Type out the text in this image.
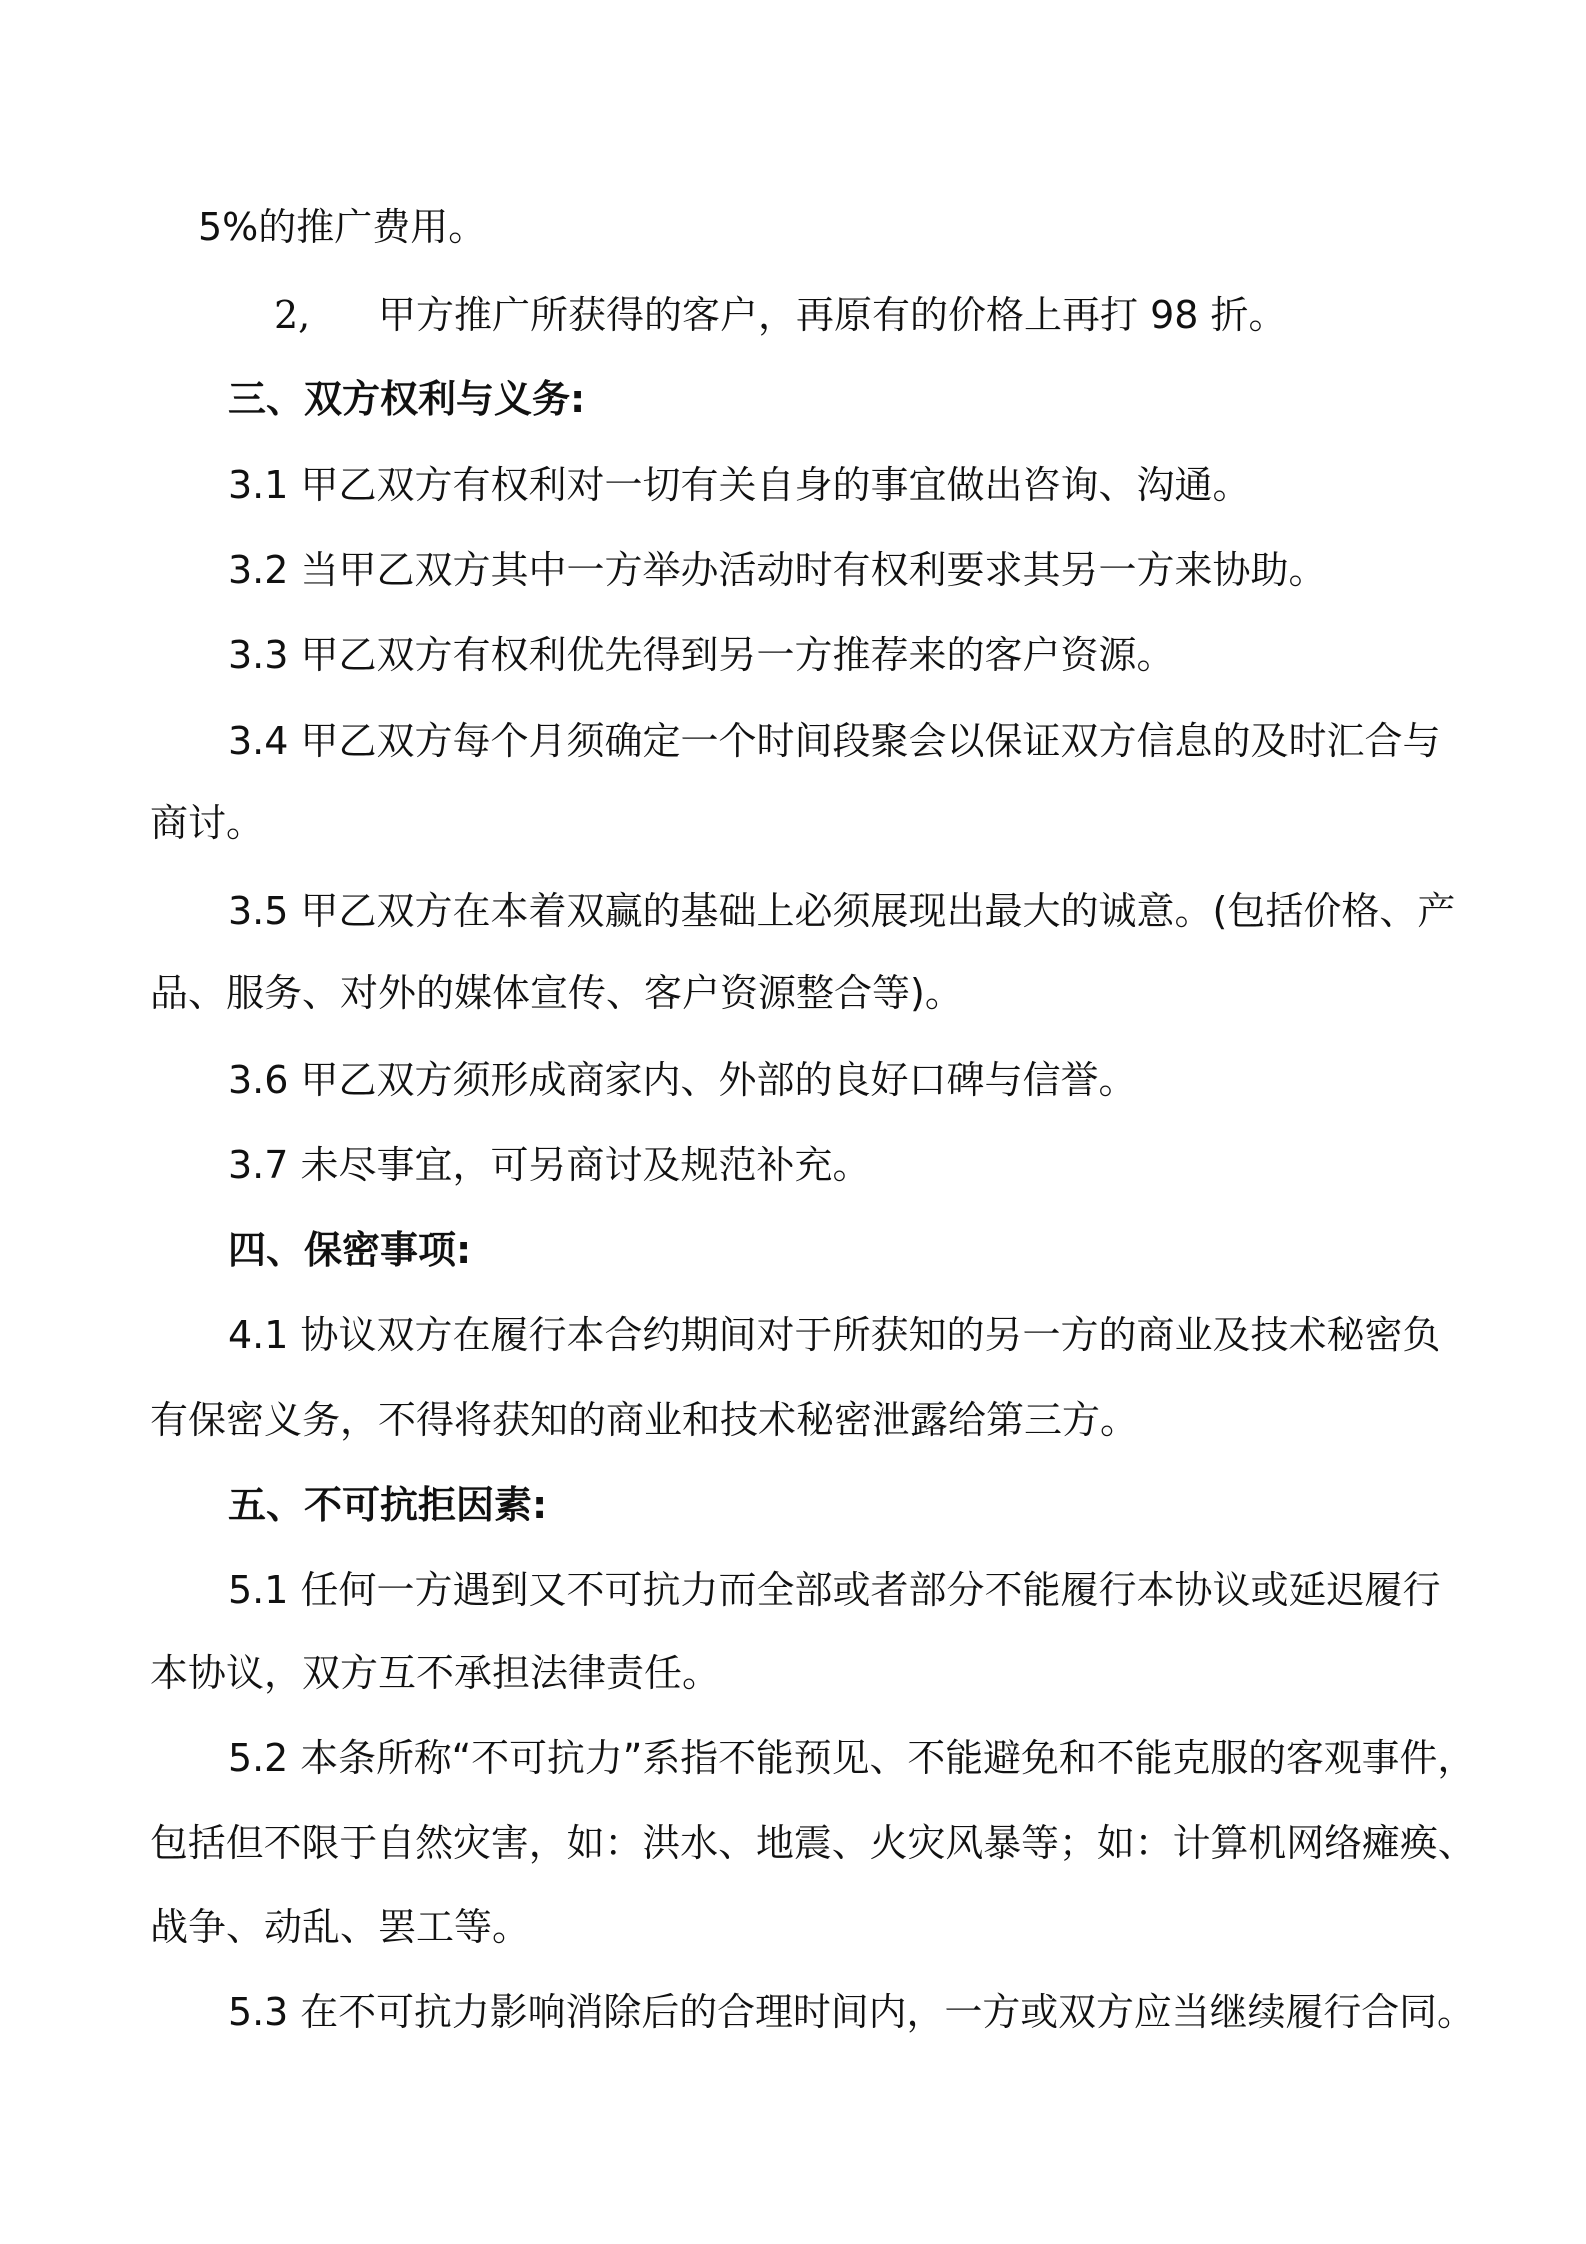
5%的推广费用。
2, 甲方推广所获得的客户，再原有的价格上再打 98 折。
三、双方权利与义务:
3.1 甲乙双方有权利对一切有关自身的事宜做出咨询、沟通。
3.2 当甲乙双方其中一方举办活动时有权利要求其另一方来协助。
3.3 甲乙双方有权利优先得到另一方推荐来的客户资源。
3.4 甲乙双方每个月须确定一个时间段聚会以保证双方信息的及时汇合与
商讨。
3.5 甲乙双方在本着双赢的基础上必须展现出最大的诚意。(包括价格、产
品、服务、对外的媒体宣传、客户资源整合等)。
3.6 甲乙双方须形成商家内、外部的良好口碑与信誉。
3.7 未尽事宜，可另商讨及规范补充。
四、保密事项:
4.1 协议双方在履行本合约期间对于所获知的另一方的商业及技术秘密负
有保密义务，不得将获知的商业和技术秘密泄露给第三方。
五、不可抗拒因素:
5.1 任何一方遇到又不可抗力而全部或者部分不能履行本协议或延迟履行
本协议，双方互不承担法律责任。
5.2 本条所称“不可抗力”系指不能预见、不能避免和不能克服的客观事件，
包括但不限于自然灾害，如：洪水、地震、火灾风暴等；如：计算机网络瘫痪、
战争、动乱、罢工等。
5.3 在不可抗力影响消除后的合理时间内，一方或双方应当继续履行合同。
